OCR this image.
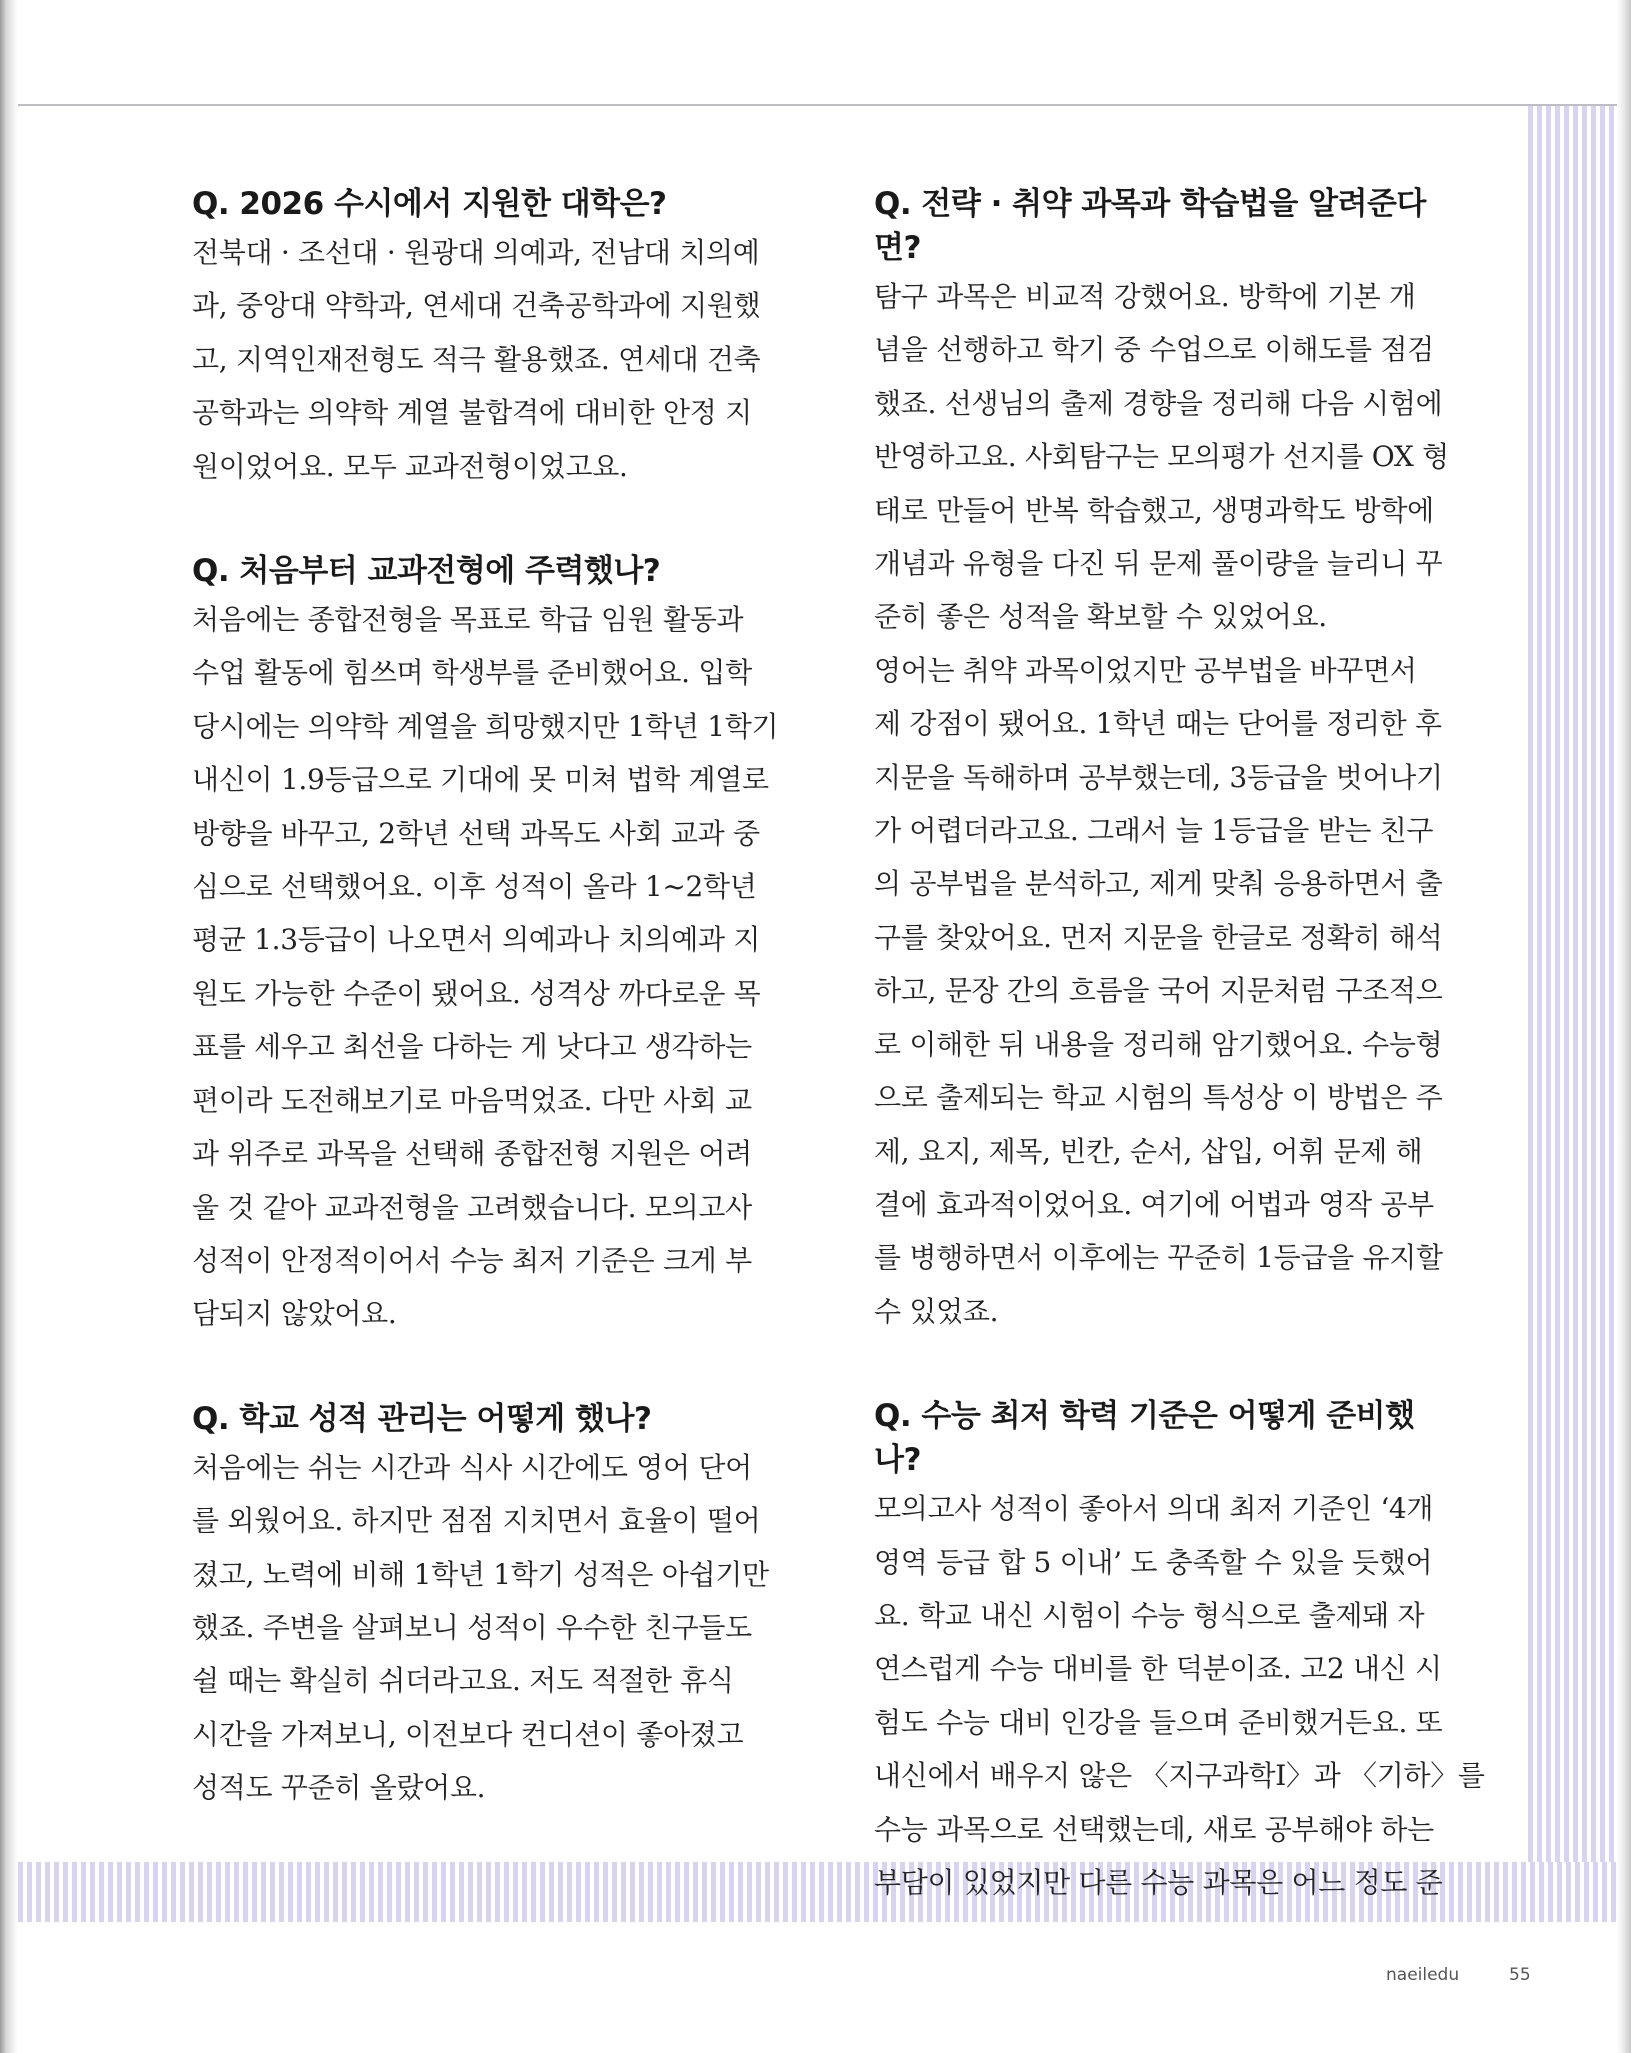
Q. 2026 수시에서 지원한 대학은?
전북대 · 조선대 · 원광대 의예과, 전남대 치의예
과, 중앙대 약학과, 연세대 건축공학과에 지원했
고, 지역인재전형도 적극 활용했죠. 연세대 건축
공학과는 의약학 계열 불합격에 대비한 안정 지
원이었어요. 모두 교과전형이었고요.
Q. 처음부터 교과전형에 주력했나?
처음에는 종합전형을 목표로 학급 임원 활동과
수업 활동에 힘쓰며 학생부를 준비했어요. 입학
당시에는 의약학 계열을 희망했지만 1학년 1학기
내신이 1.9등급으로 기대에 못 미쳐 법학 계열로
방향을 바꾸고, 2학년 선택 과목도 사회 교과 중
심으로 선택했어요. 이후 성적이 올라 1~2학년
평균 1.3등급이 나오면서 의예과나 치의예과 지
원도 가능한 수준이 됐어요. 성격상 까다로운 목
표를 세우고 최선을 다하는 게 낫다고 생각하는
편이라 도전해보기로 마음먹었죠. 다만 사회 교
과 위주로 과목을 선택해 종합전형 지원은 어려
울 것 같아 교과전형을 고려했습니다. 모의고사
성적이 안정적이어서 수능 최저 기준은 크게 부
담되지 않았어요.
Q. 학교 성적 관리는 어떻게 했나?
처음에는 쉬는 시간과 식사 시간에도 영어 단어
를 외웠어요. 하지만 점점 지치면서 효율이 떨어
졌고, 노력에 비해 1학년 1학기 성적은 아쉽기만
했죠. 주변을 살펴보니 성적이 우수한 친구들도
쉴 때는 확실히 쉬더라고요. 저도 적절한 휴식
시간을 가져보니, 이전보다 컨디션이 좋아졌고
성적도 꾸준히 올랐어요.
Q. 전략 · 취약 과목과 학습법을 알려준다면?
탐구 과목은 비교적 강했어요. 방학에 기본 개
념을 선행하고 학기 중 수업으로 이해도를 점검
했죠. 선생님의 출제 경향을 정리해 다음 시험에
반영하고요. 사회탐구는 모의평가 선지를 OX 형
태로 만들어 반복 학습했고, 생명과학도 방학에
개념과 유형을 다진 뒤 문제 풀이량을 늘리니 꾸
준히 좋은 성적을 확보할 수 있었어요.
영어는 취약 과목이었지만 공부법을 바꾸면서
제 강점이 됐어요. 1학년 때는 단어를 정리한 후
지문을 독해하며 공부했는데, 3등급을 벗어나기
가 어렵더라고요. 그래서 늘 1등급을 받는 친구
의 공부법을 분석하고, 제게 맞춰 응용하면서 출
구를 찾았어요. 먼저 지문을 한글로 정확히 해석
하고, 문장 간의 흐름을 국어 지문처럼 구조적으
로 이해한 뒤 내용을 정리해 암기했어요. 수능형
으로 출제되는 학교 시험의 특성상 이 방법은 주
제, 요지, 제목, 빈칸, 순서, 삽입, 어휘 문제 해
결에 효과적이었어요. 여기에 어법과 영작 공부
를 병행하면서 이후에는 꾸준히 1등급을 유지할
수 있었죠.
Q. 수능 최저 학력 기준은 어떻게 준비했나?
모의고사 성적이 좋아서 의대 최저 기준인 ‘4개
영역 등급 합 5 이내’ 도 충족할 수 있을 듯했어
요. 학교 내신 시험이 수능 형식으로 출제돼 자
연스럽게 수능 대비를 한 덕분이죠. 고2 내신 시
험도 수능 대비 인강을 들으며 준비했거든요. 또
내신에서 배우지 않은 〈지구과학Ⅰ〉과 〈기하〉를
수능 과목으로 선택했는데, 새로 공부해야 하는
부담이 있었지만 다른 수능 과목은 어느 정도 준
naeiledu	55
